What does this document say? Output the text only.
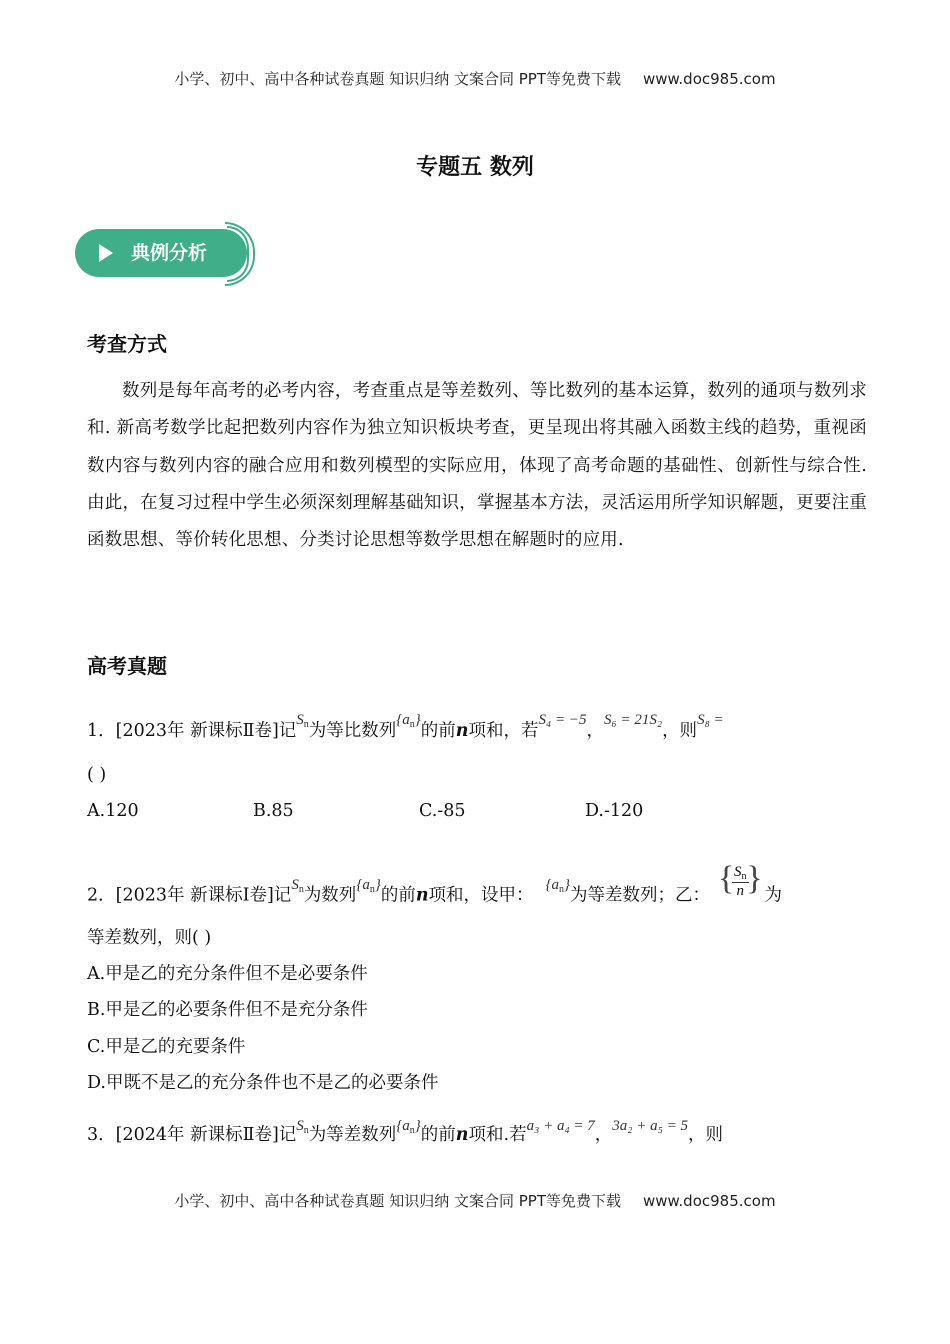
小学、初中、高中各种试卷真题 知识归纳 文案合同 PPT等免费下载 www.doc985.com
专题五 数列
典例分析
考查方式
数列是每年高考的必考内容，考查重点是等差数列、等比数列的基本运算，数列的通项与数列求和. 新高考数学比起把数列内容作为独立知识板块考查，更呈现出将其融入函数主线的趋势，重视函数内容与数列内容的融合应用和数列模型的实际应用，体现了高考命题的基础性、创新性与综合性. 由此，在复习过程中学生必须深刻理解基础知识，掌握基本方法，灵活运用所学知识解题，更要注重函数思想、等价转化思想、分类讨论思想等数学思想在解题时的应用.
高考真题
1．[2023年 新课标Ⅱ卷]记$S_n$为等比数列$\{a_n\}$的前n项和，若S₄ = −5，S₆ = 21S₂，则S₈ =
( )
A.120	B.85	C.-85	D.-120
2．[2023年 新课标Ⅰ卷]记$S_n$为数列$\{a_n\}$的前n项和，设甲：$\{a_n\}$为等差数列；乙： { $S_n$
n } 为
等差数列，则( )
A.甲是乙的充分条件但不是必要条件
B.甲是乙的必要条件但不是充分条件
C.甲是乙的充要条件
D.甲既不是乙的充分条件也不是乙的必要条件
3．[2024年 新课标Ⅱ卷]记$S_n$为等差数列$\{a_n\}$的前n项和.若a₃ + a₄ = 7，3a₂ + a₅ = 5，则
小学、初中、高中各种试卷真题 知识归纳 文案合同 PPT等免费下载 www.doc985.com
